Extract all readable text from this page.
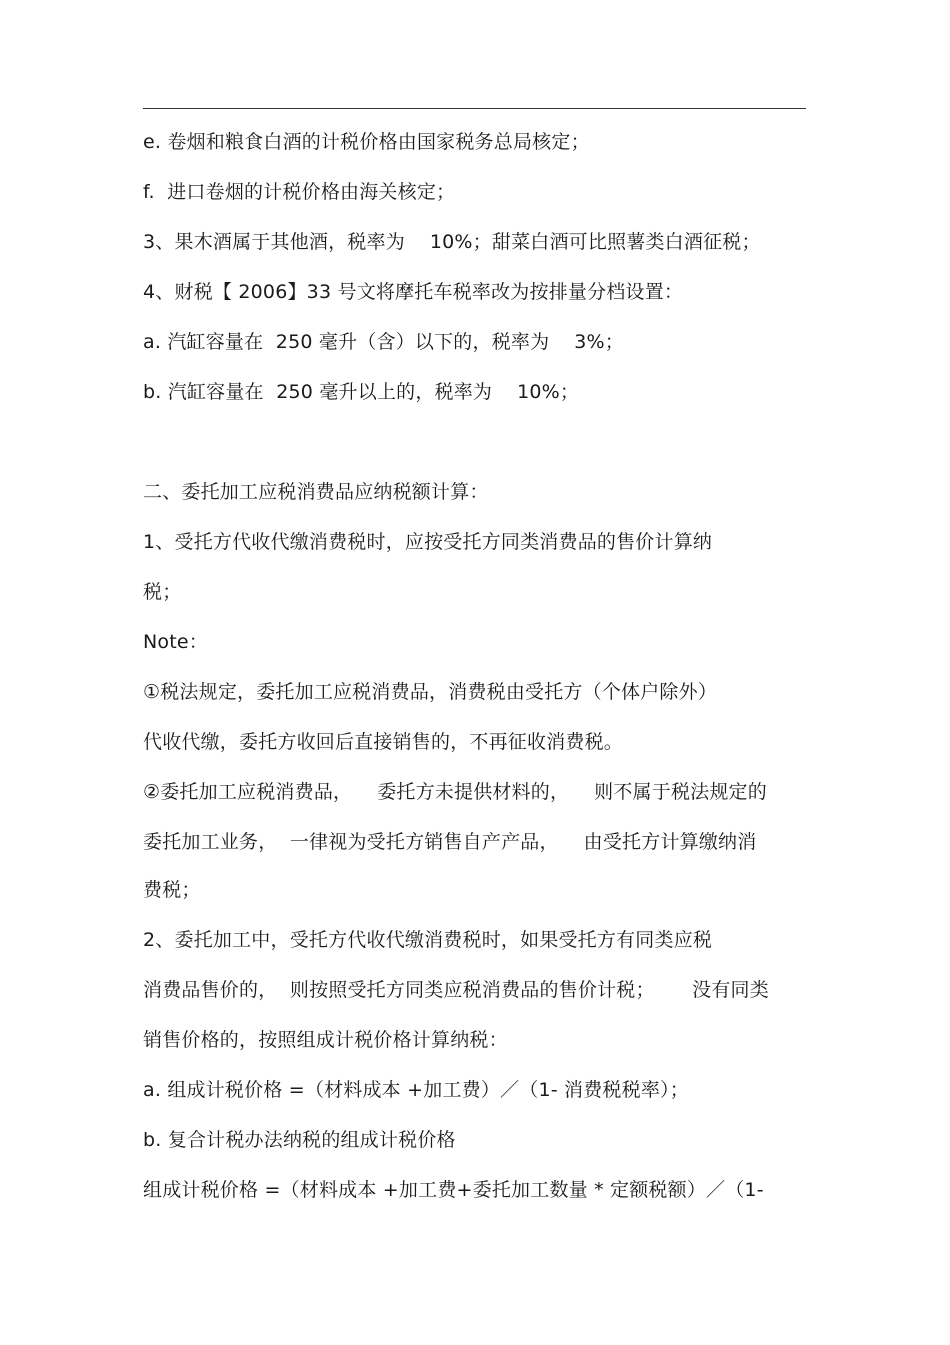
e. 卷烟和粮食白酒的计税价格由国家税务总局核定；

f.  进口卷烟的计税价格由海关核定；

3、果木酒属于其他酒，税率为    10%；甜菜白酒可比照薯类白酒征税；

4、财税【 2006】33 号文将摩托车税率改为按排量分档设置：

a. 汽缸容量在  250 毫升（含）以下的，税率为    3%；

b. 汽缸容量在  250 毫升以上的，税率为    10%；

二、委托加工应税消费品应纳税额计算：

1、受托方代收代缴消费税时，应按受托方同类消费品的售价计算纳

税；

Note：

①税法规定，委托加工应税消费品，消费税由受托方（个体户除外）

代收代缴，委托方收回后直接销售的，不再征收消费税。

②委托加工应税消费品，    委托方未提供材料的，    则不属于税法规定的

委托加工业务，  一律视为受托方销售自产产品，    由受托方计算缴纳消

费税；

2、委托加工中，受托方代收代缴消费税时，如果受托方有同类应税

消费品售价的，  则按照受托方同类应税消费品的售价计税；      没有同类

销售价格的，按照组成计税价格计算纳税：

a. 组成计税价格 =（材料成本 +加工费）／（1- 消费税税率）；

b. 复合计税办法纳税的组成计税价格

组成计税价格 =（材料成本 +加工费+委托加工数量 * 定额税额）／（1-
